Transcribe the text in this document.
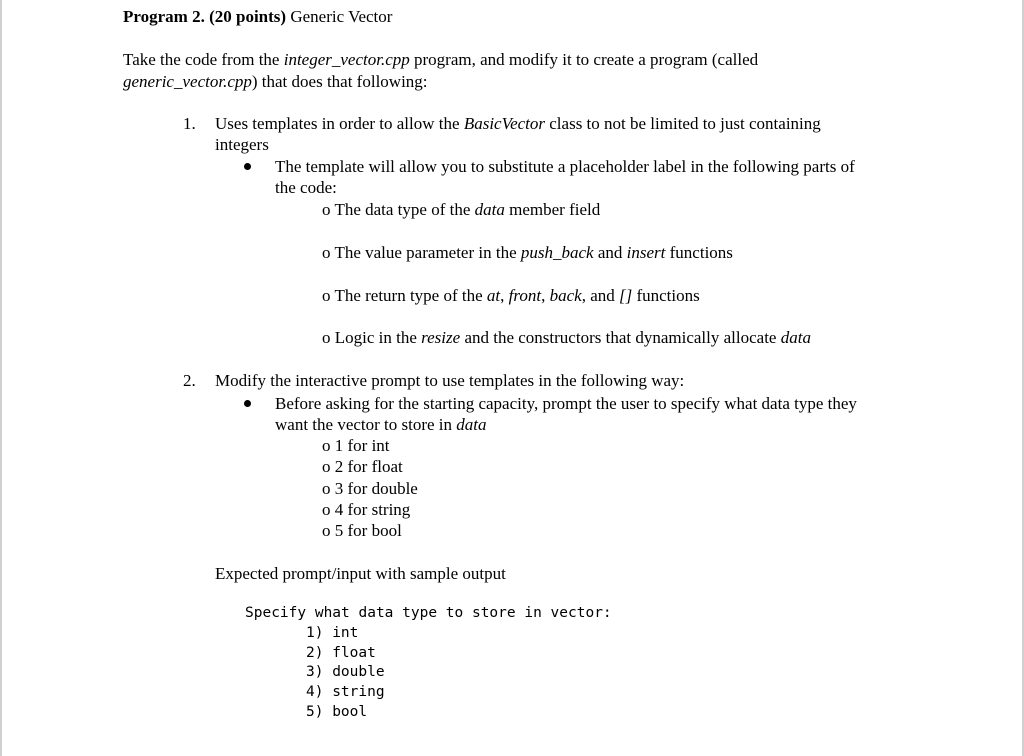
Program 2. (20 points) Generic Vector
Take the code from the integer_vector.cpp program, and modify it to create a program (called
generic_vector.cpp) that does that following:
1. Uses templates in order to allow the BasicVector class to not be limited to just containing
integers
The template will allow you to substitute a placeholder label in the following parts of
the code:
o The data type of the data member field
o The value parameter in the push_back and insert functions
o The return type of the at, front, back, and [] functions
o Logic in the resize and the constructors that dynamically allocate data
2. Modify the interactive prompt to use templates in the following way:
Before asking for the starting capacity, prompt the user to specify what data type they
want the vector to store in data
o 1 for int
o 2 for float
o 3 for double
o 4 for string
o 5 for bool
Expected prompt/input with sample output
Specify what data type to store in vector:
1) int
2) float
3) double
4) string
5) bool
